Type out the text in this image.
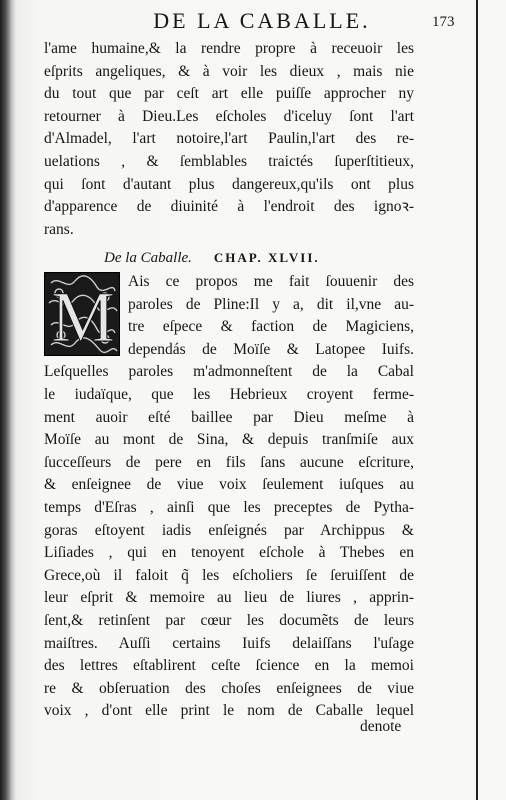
DE LA CABALLE.	173
l'ame humaine,& la rendre propre à receuoir les
eſprits angeliques, & à voir les dieux , mais nie
du tout que par ceſt art elle puiſſe approcher ny
retourner à Dieu.Les eſcholes d'iceluy ſont l'art
d'Almadel, l'art notoire,l'art Paulin,l'art des re-
uelations , & ſemblables traictés ſuperſtitieux,
qui ſont d'autant plus dangereux,qu'ils ont plus
d'apparence de diuinité à l'endroit des ignoꝛ-
rans.
De la Caballe. CHAP. XLVII.
M Ais ce propos me fait ſouuenir des
paroles de Pline:Il y a, dit il,vne au-
tre eſpece & faction de Magiciens,
dependás de Moïſe & Latopee Iuifs.
Leſquelles paroles m'admonneſtent de la Cabal
le iudaïque, que les Hebrieux croyent ferme-
ment auoir eſté baillee par Dieu meſme à
Moïſe au mont de Sina, & depuis tranſmiſe aux
ſucceſſeurs de pere en fils ſans aucune eſcriture,
& enſeignee de viue voix ſeulement iuſques au
temps d'Eſras , ainſi que les preceptes de Pytha-
goras eſtoyent iadis enſeignés par Archippus &
Liſiades , qui en tenoyent eſchole à Thebes en
Grece,où il faloit q̃ les eſcholiers ſe ſeruiſſent de
leur eſprit & memoire au lieu de liures , apprin-
ſent,& retinſent par cœur les documẽts de leurs
maiſtres. Auſſi certains Iuifs delaiſſans l'uſage
des lettres eſtablirent ceſte ſcience en la memoi
re & obſeruation des choſes enſeignees de viue
voix , d'ont elle print le nom de Caballe lequel
denote
